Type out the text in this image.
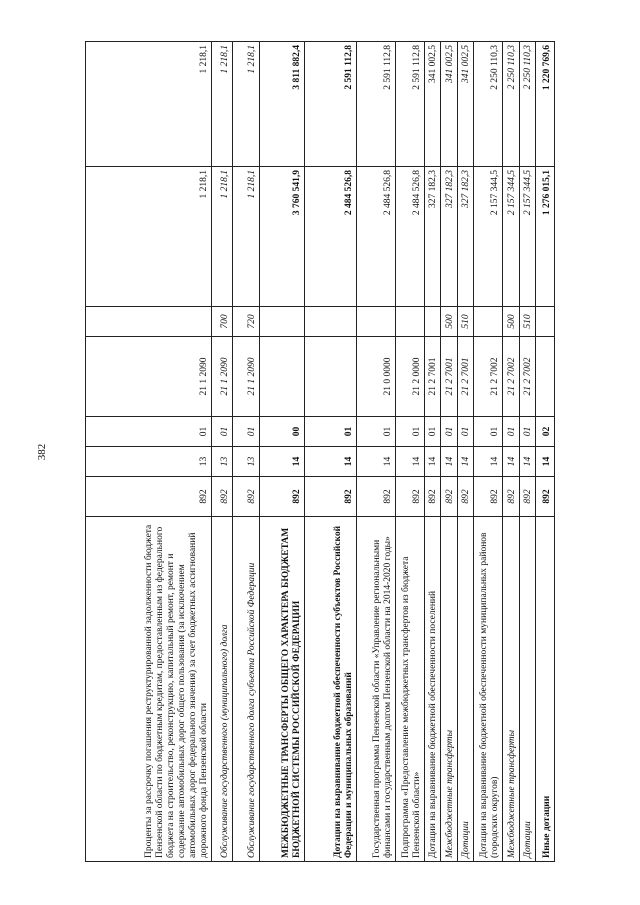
382
Проценты за рассрочку погашения реструктурированной задолженности бюджета Пензенской области по бюджетным кредитам, предоставленным из федерального бюджета на строительство, реконструкцию, капитальный ремонт, ремонт и содержание автомобильных дорог общего пользования (за исключением автомобильных дорог федерального значения) за счет бюджетных ассигнований дорожного фонда Пензенской области	892	13	01	21 1 2090		1 218,1	1 218,1
Обслуживание государственного (муниципального) долга	892	13	01	21 1 2090	700	1 218,1	1 218,1
Обслуживание государственного долга субъекта Российской Федерации	892	13	01	21 1 2090	720	1 218,1	1 218,1
МЕЖБЮДЖЕТНЫЕ ТРАНСФЕРТЫ ОБЩЕГО ХАРАКТЕРА БЮДЖЕТАМ БЮДЖЕТНОЙ СИСТЕМЫ РОССИЙСКОЙ ФЕДЕРАЦИИ	892	14	00			3 760 541,9	3 811 882,4
Дотации на выравнивание бюджетной обеспеченности субъектов Российской Федерации и муниципальных образований	892	14	01			2 484 526,8	2 591 112,8
Государственная программа Пензенской области «Управление региональными финансами и государственным долгом Пензенской области на 2014-2020 годы»	892	14	01	21 0 0000		2 484 526,8	2 591 112,8
Подпрограмма «Предоставление межбюджетных трансфертов из бюджета Пензенской области»	892	14	01	21 2 0000		2 484 526,8	2 591 112,8
Дотации на выравнивание бюджетной обеспеченности поселений	892	14	01	21 2 7001		327 182,3	341 002,5
Межбюджетные трансферты	892	14	01	21 2 7001	500	327 182,3	341 002,5
Дотации	892	14	01	21 2 7001	510	327 182,3	341 002,5
Дотации на выравнивание бюджетной обеспеченности муниципальных районов (городских округов)	892	14	01	21 2 7002		2 157 344,5	2 250 110,3
Межбюджетные трансферты	892	14	01	21 2 7002	500	2 157 344,5	2 250 110,3
Дотации	892	14	01	21 2 7002	510	2 157 344,5	2 250 110,3
Иные дотации	892	14	02			1 276 015,1	1 220 769,6
